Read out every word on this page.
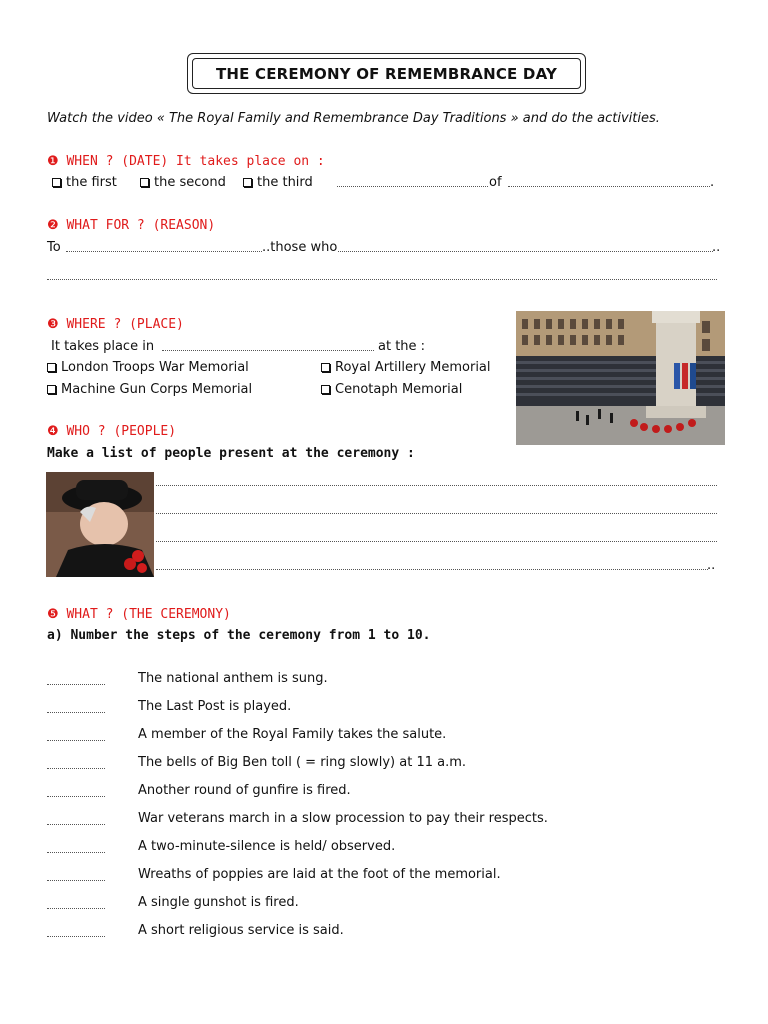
THE CEREMONY OF REMEMBRANCE DAY
Watch the video « The Royal Family and Remembrance Day Traditions » and do the activities.
❶ WHEN ? (DATE) It takes place on :
the first	the second	the third	of	.
❷ WHAT FOR ? (REASON)
To	..those who	..
❸ WHERE ? (PLACE)
It takes place in	at the :
London Troops War Memorial	Royal Artillery Memorial
Machine Gun Corps Memorial	Cenotaph Memorial
❹ WHO ? (PEOPLE)
Make a list of people present at the ceremony :
..
❺ WHAT ? (THE CEREMONY)
a) Number the steps of the ceremony from 1 to 10.
The national anthem is sung.
The Last Post is played.
A member of the Royal Family takes the salute.
The bells of Big Ben toll ( = ring slowly) at 11 a.m.
Another round of gunfire is fired.
War veterans march in a slow procession to pay their respects.
A two-minute-silence is held/ observed.
Wreaths of poppies are laid at the foot of the memorial.
A single gunshot is fired.
A short religious service is said.
